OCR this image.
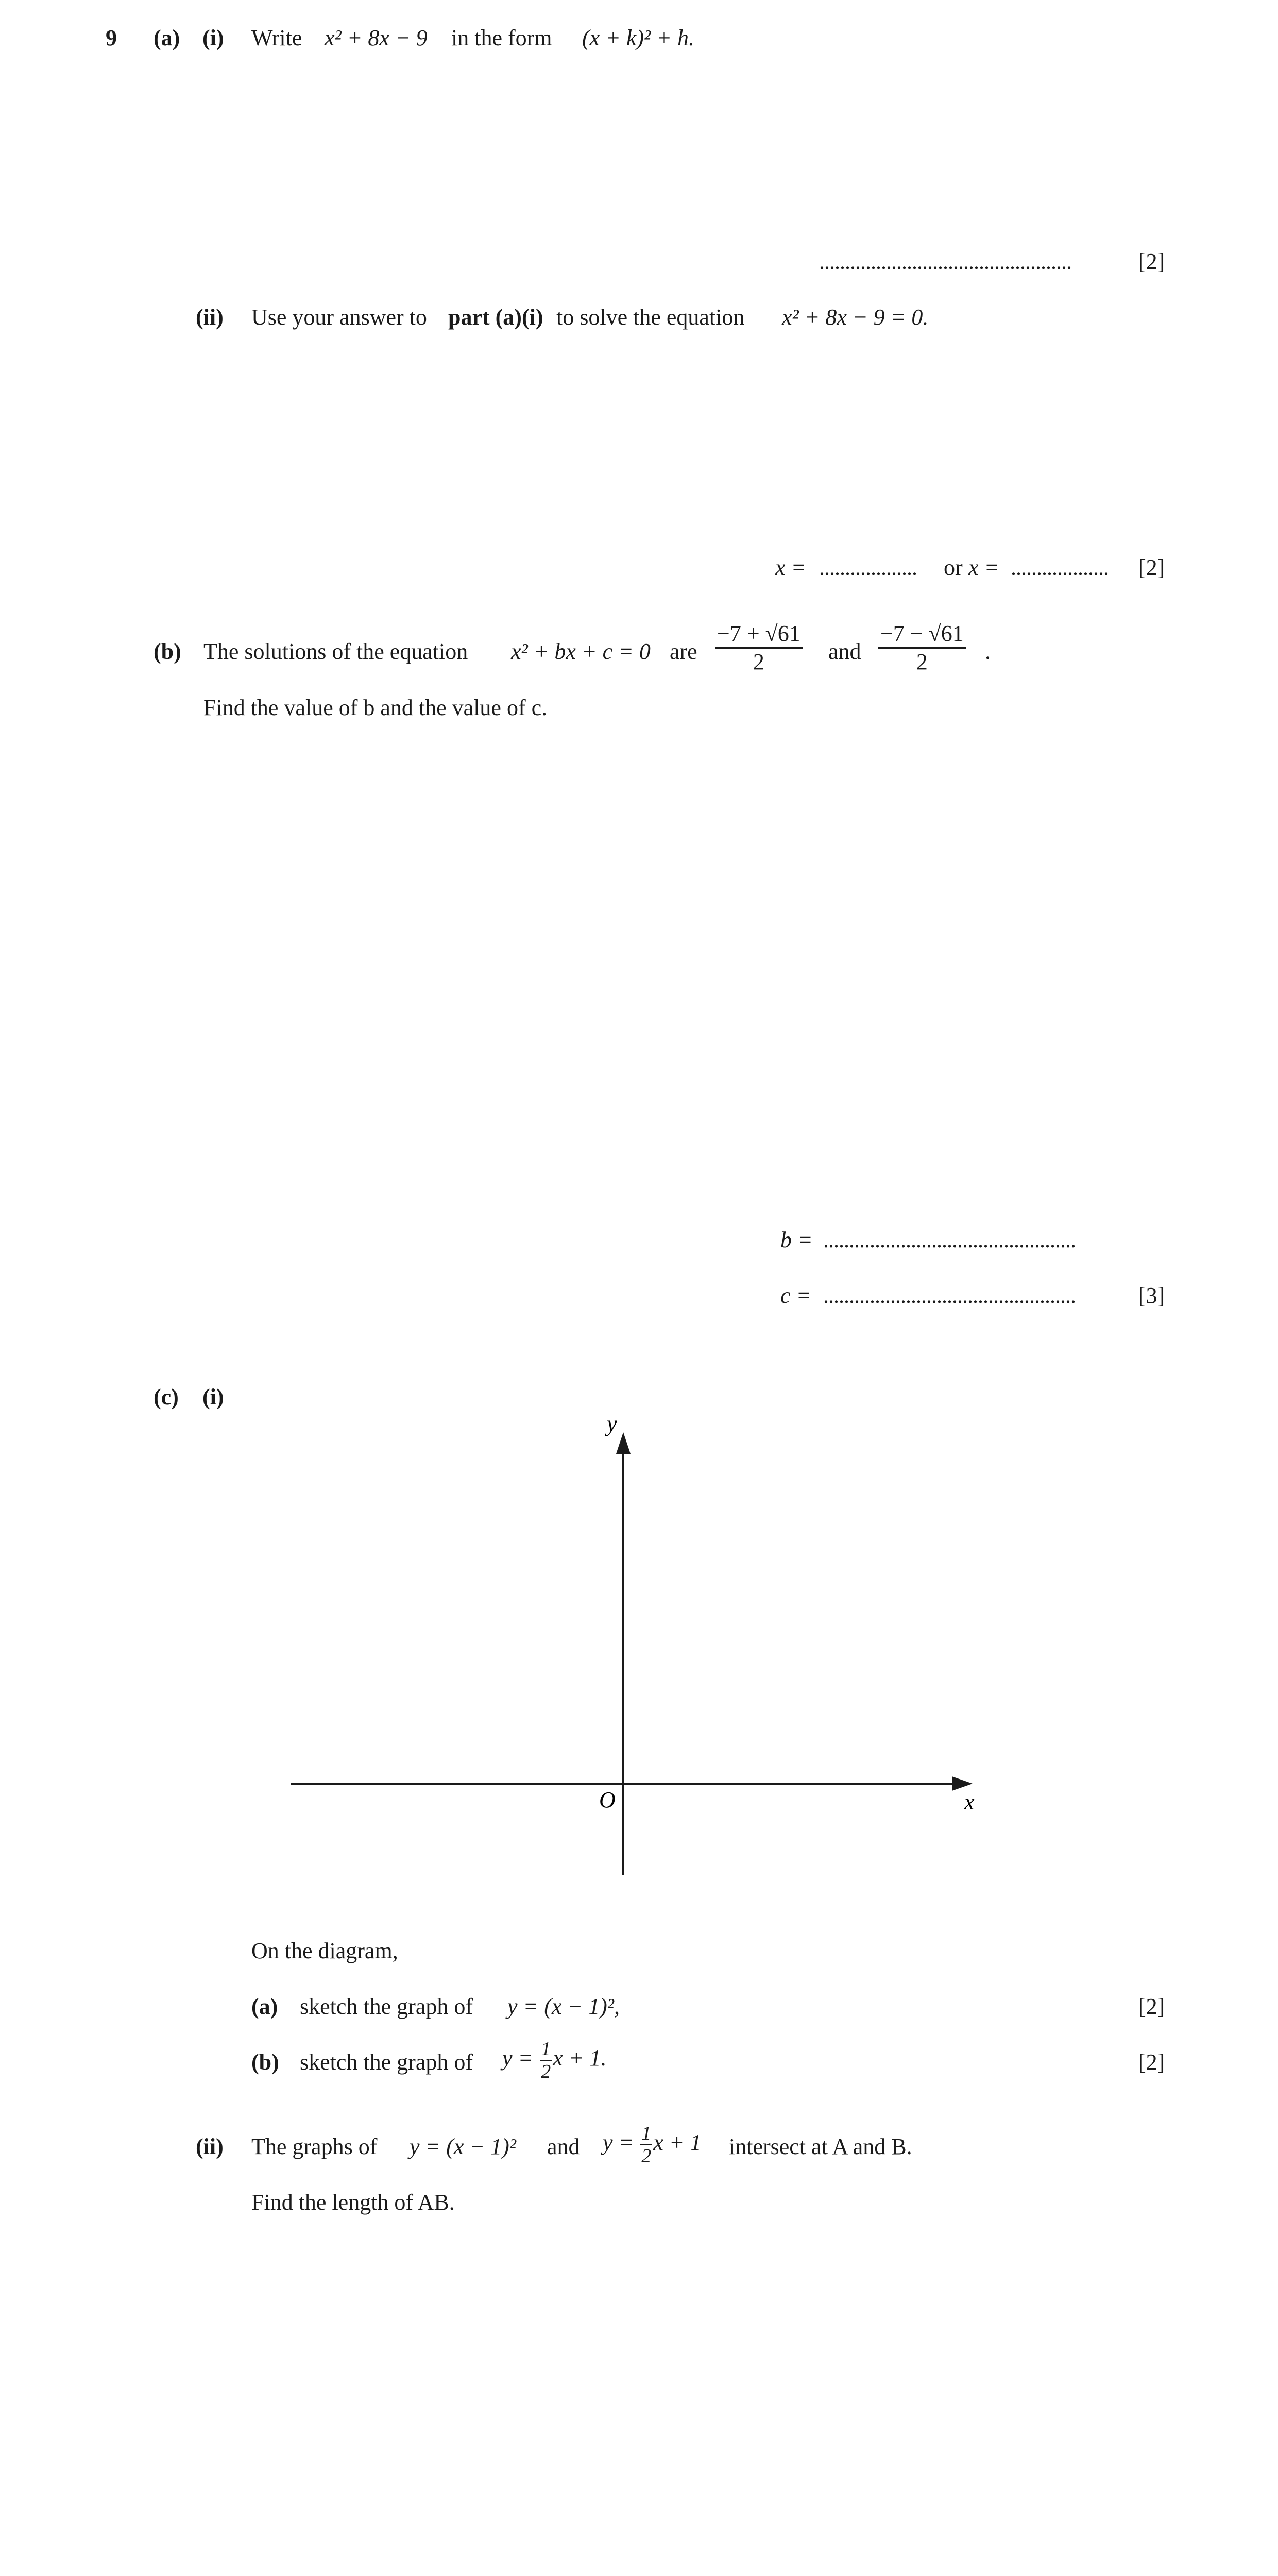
9 (a) (i) Write x² + 8x − 9 in the form (x + k)² + h.
.................................................	[2]
(ii) Use your answer to part (a)(i) to solve the equation x² + 8x − 9 = 0.
x = ................... or x = ................... [2]
(b) The solutions of the equation x² + bx + c = 0 are $\frac{-7 + √61}{2}$ and $\frac{-7 - √61}{2}$ .
Find the value of b and the value of c.
b = .................................................
c = .................................................	[3]
(c) (i)
y
x
O
On the diagram,
(a) sketch the graph of y = (x − 1)²,	[2]
(b) sketch the graph of $y = \frac{1}{2}$ x + 1.	[2]
(ii) The graphs of y = (x − 1)² and $y = \frac{1}{2}$ x + 1 intersect at A and B.
Find the length of AB.
